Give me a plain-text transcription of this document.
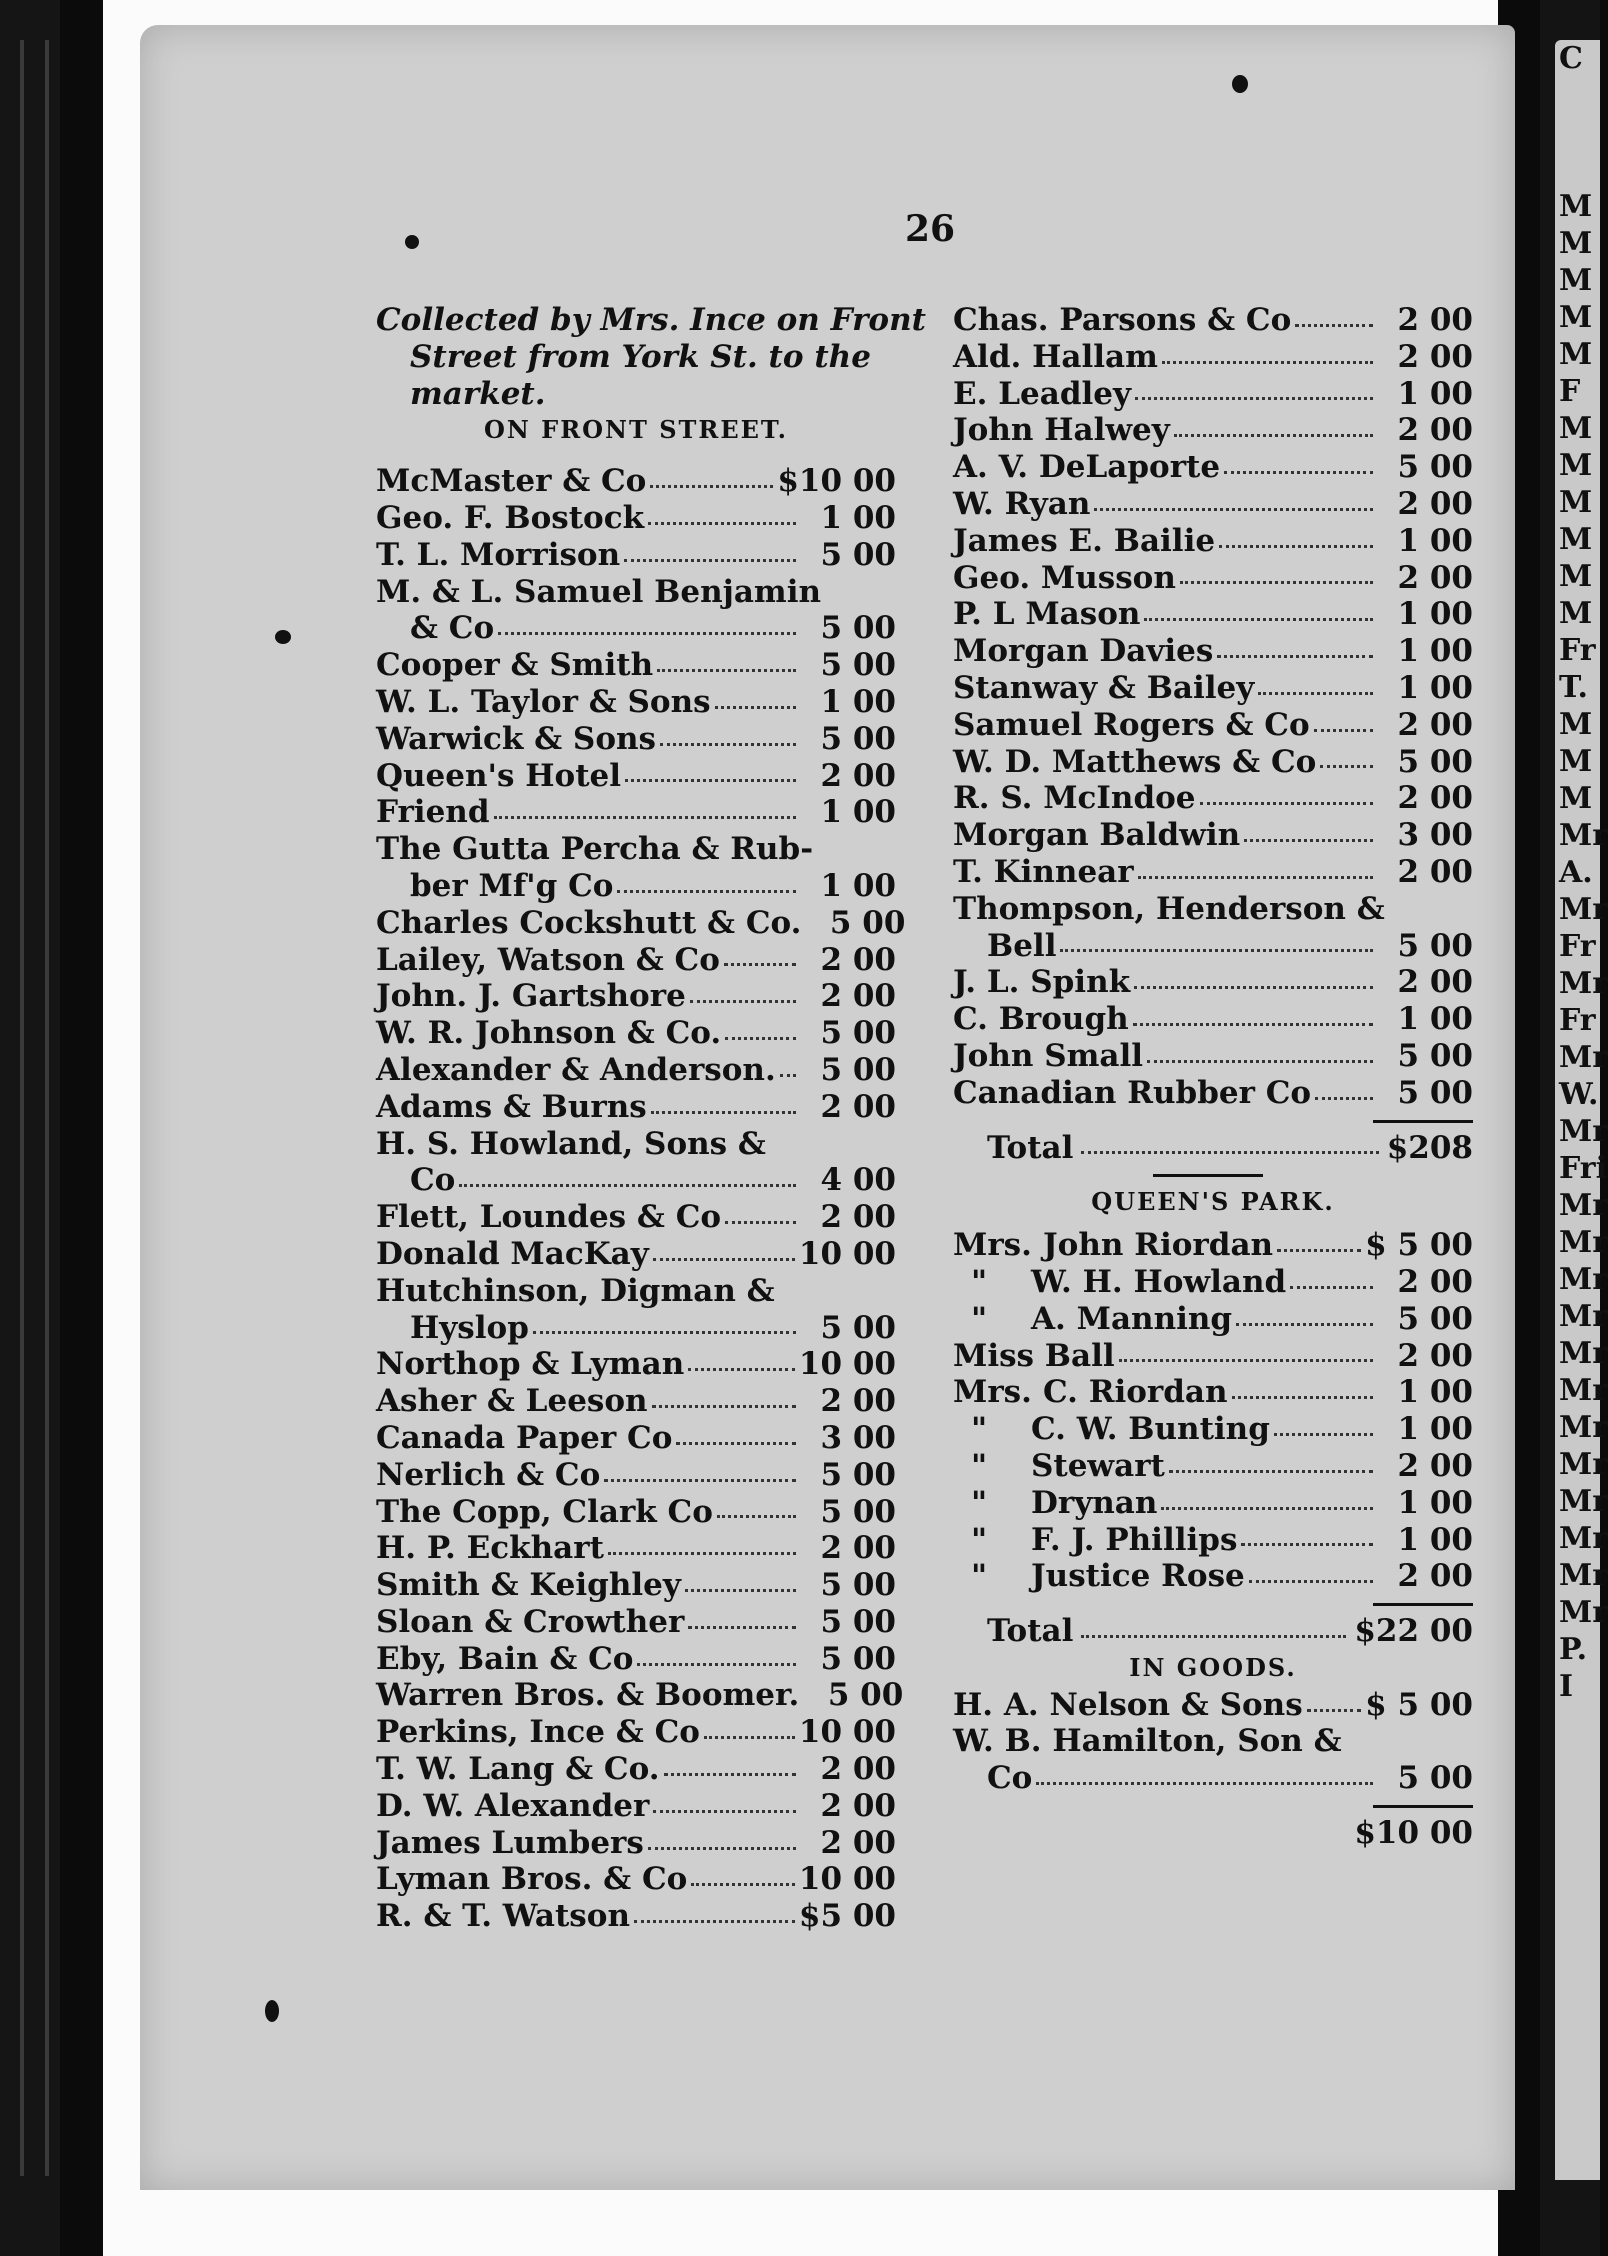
C
M
M
M
M
M
F
M
M
M
M
M
M
Fr
T.
M
M
M
Mr
A.
Mr
Fr
Mr
Fr
Mr
W.
Mr
Fri
Mr
Mr
Mr
Mr
Mr
Mr
Mr
Mr
Mr
Mr
Mr
Mr
P. I
26
Collected by Mrs. Ince on Front
Street from York St. to the
market.
ON FRONT STREET.
McMaster & Co	$10 00
Geo. F. Bostock	1 00
T. L. Morrison	5 00
M. & L. Samuel Benjamin
& Co	5 00
Cooper & Smith	5 00
W. L. Taylor & Sons	1 00
Warwick & Sons	5 00
Queen's Hotel	2 00
Friend	1 00
The Gutta Percha & Rub-
ber Mf'g Co	1 00
Charles Cockshutt & Co. 5 00
Lailey, Watson & Co	2 00
John. J. Gartshore	2 00
W. R. Johnson & Co.	5 00
Alexander & Anderson.	5 00
Adams & Burns	2 00
H. S. Howland, Sons &
Co	4 00
Flett, Loundes & Co	2 00
Donald MacKay	10 00
Hutchinson, Digman &
Hyslop	5 00
Northop & Lyman	10 00
Asher & Leeson	2 00
Canada Paper Co	3 00
Nerlich & Co	5 00
The Copp, Clark Co	5 00
H. P. Eckhart	2 00
Smith & Keighley	5 00
Sloan & Crowther	5 00
Eby, Bain & Co	5 00
Warren Bros. & Boomer. 5 00
Perkins, Ince & Co	10 00
T. W. Lang & Co.	2 00
D. W. Alexander	2 00
James Lumbers	2 00
Lyman Bros. & Co	10 00
R. & T. Watson	$5 00
Chas. Parsons & Co	2 00
Ald. Hallam	2 00
E. Leadley	1 00
John Halwey	2 00
A. V. DeLaporte	5 00
W. Ryan	2 00
James E. Bailie	1 00
Geo. Musson	2 00
P. L Mason	1 00
Morgan Davies	1 00
Stanway & Bailey	1 00
Samuel Rogers & Co	2 00
W. D. Matthews & Co	5 00
R. S. McIndoe	2 00
Morgan Baldwin	3 00
T. Kinnear	2 00
Thompson, Henderson &
Bell	5 00
J. L. Spink	2 00
C. Brough	1 00
John Small	5 00
Canadian Rubber Co	5 00
Total	$208
QUEEN'S PARK.
Mrs. John Riordan	$ 5 00
"	W. H. Howland	2 00
"	A. Manning	5 00
Miss Ball	2 00
Mrs. C. Riordan	1 00
"	C. W. Bunting	1 00
"	Stewart	2 00
"	Drynan	1 00
"	F. J. Phillips	1 00
"	Justice Rose	2 00
Total	$22 00
IN GOODS.
H. A. Nelson & Sons $ 5 00
W. B. Hamilton, Son &
Co	5 00
$10 00
